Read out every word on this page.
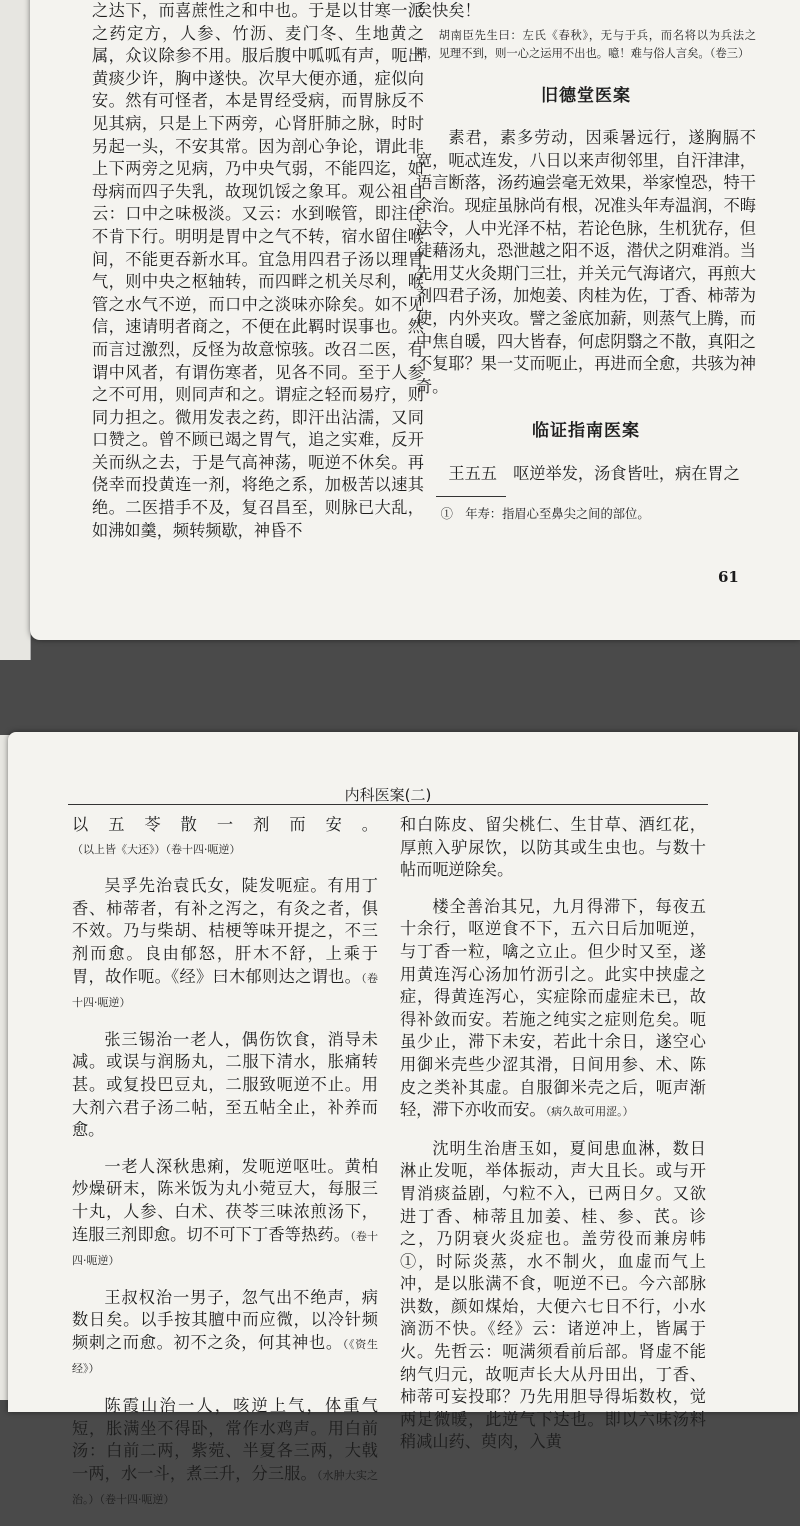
之达下，而喜蔗性之和中也。于是以甘寒一派之药定方，人参、竹沥、麦门冬、生地黄之属，众议除参不用。服后腹中呱呱有声，呃出黄痰少许，胸中遂快。次早大便亦通，症似向安。然有可怪者，本是胃经受病，而胃脉反不见其病，只是上下两旁，心肾肝肺之脉，时时另起一头，不安其常。因为剖心争论，谓此非上下两旁之见病，乃中央气弱，不能四迄，如母病而四子失乳，故现饥馁之象耳。观公祖自云：口中之味极淡。又云：水到喉管，即注住不肯下行。明明是胃中之气不转，宿水留住喉间，不能更吞新水耳。宜急用四君子汤以理胃气，则中央之枢轴转，而四畔之机关尽利，喉管之水气不逆，而口中之淡味亦除矣。如不见信，速请明者商之，不便在此羁时误事也。然而言过激烈，反怪为故意惊骇。改召二医，有谓中风者，有谓伤寒者，见各不同。至于人参之不可用，则同声和之。谓症之轻而易疗，则同力担之。微用发表之药，即汗出沾濡，又同口赞之。曾不顾已竭之胃气，追之实难，反开关而纵之去，于是气高神荡，呃逆不休矣。再侥幸而投黄连一剂，将绝之系，加极苦以速其绝。二医措手不及，复召昌至，则脉已大乱，如沸如羹，频转频歇，神昏不

矣快矣！

胡南臣先生曰：左氏《春秋》，无与于兵，而名将以为兵法之精，见理不到，则一心之运用不出也。噫！难与俗人言矣。（卷三）

旧德堂医案

素君，素多劳动，因乘暑远行，遂胸膈不宽，呃忒连发，八日以来声彻邻里，自汗津津，语言断落，汤药遍尝毫无效果，举家惶恐，特干余治。现症虽脉尚有根，况准头年寿温润，不晦法令，人中光泽不枯，若论色脉，生机犹存，但徒藉汤丸，恐泄越之阳不返，潜伏之阴难消。当先用艾火灸期门三壮，并关元气海诸穴，再煎大剂四君子汤，加炮姜、肉桂为佐，丁香、柿蒂为使，内外夹攻。譬之釜底加薪，则蒸气上腾，而中焦自暖，四大皆春，何虑阴翳之不散，真阳之不复耶？果一艾而呃止，再进而全愈，共骇为神奇。

临证指南医案

王五五　呕逆举发，汤食皆吐，病在胃之

①　年寿：指眉心至鼻尖之间的部位。

61
内科医案(二)

以五苓散一剂而安。（以上皆《大还》）（卷十四·呃逆）

吴孚先治袁氏女，陡发呃症。有用丁香、柿蒂者，有补之泻之，有灸之者，俱不效。乃与柴胡、桔梗等味开提之，不三剂而愈。良由郁怒，肝木不舒，上乘于胃，故作呃。《经》曰木郁则达之谓也。（卷十四·呃逆）

张三锡治一老人，偶伤饮食，消导未减。或误与润肠丸，二服下清水，胀痛转甚。或复投巴豆丸，二服致呃逆不止。用大剂六君子汤二帖，至五帖全止，补养而愈。

一老人深秋患痢，发呃逆呕吐。黄柏炒燥研末，陈米饭为丸小菀豆大，每服三十丸，人参、白术、茯苓三味浓煎汤下，连服三剂即愈。切不可下丁香等热药。（卷十四·呃逆）

王叔权治一男子，忽气出不绝声，病数日矣。以手按其膻中而应微，以冷针频频刺之而愈。初不之灸，何其神也。（《资生经》）

陈霞山治一人，咳逆上气，体重气短，胀满坐不得卧，常作水鸡声。用白前汤：白前二两，紫菀、半夏各三两，大戟一两，水一斗，煮三升，分三服。（水肿大实之治。）（卷十四·呃逆）

和白陈皮、留尖桃仁、生甘草、酒红花，厚煎入驴尿饮，以防其或生虫也。与数十帖而呃逆除矣。

楼全善治其兄，九月得滞下，每夜五十余行，呕逆食不下，五六日后加呃逆，与丁香一粒，噙之立止。但少时又至，遂用黄连泻心汤加竹沥引之。此实中挟虚之症，得黄连泻心，实症除而虚症未已，故得补敛而安。若施之纯实之症则危矣。呃虽少止，滞下未安，若此十余日，遂空心用御米壳些少涩其滑，日间用参、术、陈皮之类补其虚。自服御米壳之后，呃声渐轻，滞下亦收而安。（病久故可用涩。）

沈明生治唐玉如，夏间患血淋，数日淋止发呃，举体振动，声大且长。或与开胃消痰益剧，勺粒不入，已两日夕。又欲进丁香、柿蒂且加姜、桂、参、芪。诊之，乃阴衰火炎症也。盖劳役而兼房帏①，时际炎蒸，水不制火，血虚而气上冲，是以胀满不食，呃逆不已。今六部脉洪数，颜如煤炲，大便六七日不行，小水滴沥不快。《经》云：诸逆冲上，皆属于火。先哲云：呃满须看前后部。肾虚不能纳气归元，故呃声长大从丹田出，丁香、柿蒂可妄投耶？乃先用胆导得垢数枚，觉两足微暖，此逆气下达也。即以六味汤料稍减山药、萸肉，入黄
